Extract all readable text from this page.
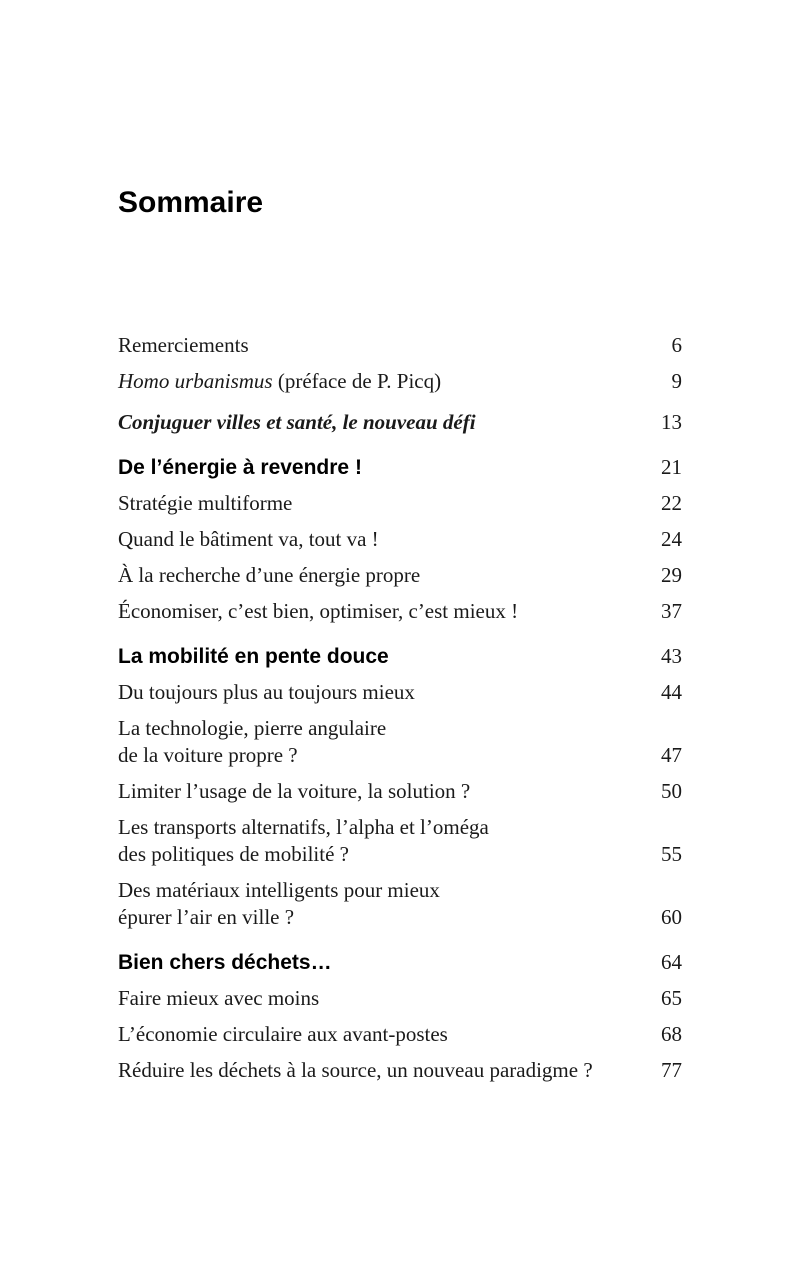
Sommaire
Remerciements	6
Homo urbanismus (préface de P. Picq)	9
Conjuguer villes et santé, le nouveau défi	13
De l’énergie à revendre !	21
Stratégie multiforme	22
Quand le bâtiment va, tout va !	24
À la recherche d’une énergie propre	29
Économiser, c’est bien, optimiser, c’est mieux !	37
La mobilité en pente douce	43
Du toujours plus au toujours mieux	44
La technologie, pierre angulaire
de la voiture propre ?	47
Limiter l’usage de la voiture, la solution ?	50
Les transports alternatifs, l’alpha et l’oméga
des politiques de mobilité ?	55
Des matériaux intelligents pour mieux
épurer l’air en ville ?	60
Bien chers déchets…	64
Faire mieux avec moins	65
L’économie circulaire aux avant-postes	68
Réduire les déchets à la source, un nouveau paradigme ?	77
